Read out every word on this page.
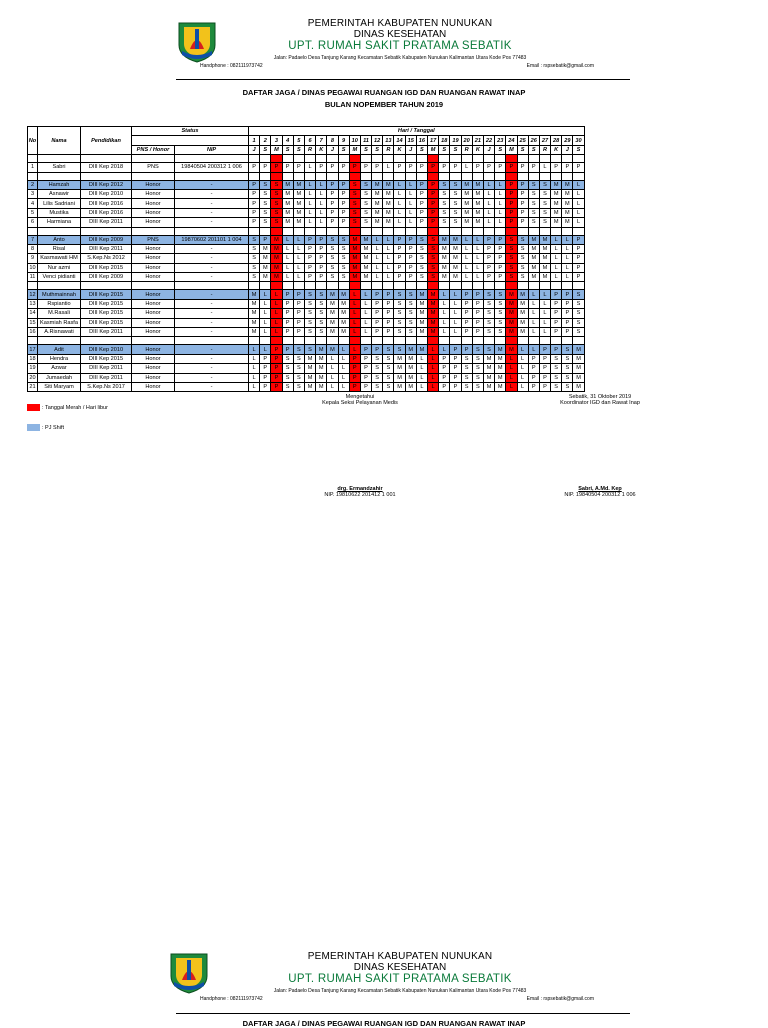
PEMERINTAH KABUPATEN NUNUKAN
DINAS KESEHATAN
UPT. RUMAH SAKIT PRATAMA SEBATIK
Jalan: Padaelo Desa Tanjung Karang Kecamatan Sebatik Kabupaten Nunukan Kalimantan Utara Kode Pos 77483
Handphone : 082111973742	Email : rspsebatik@gmail.com
DAFTAR JAGA / DINAS PEGAWAI RUANGAN IGD DAN RUANGAN RAWAT INAP
BULAN NOPEMBER TAHUN 2019
No	Nama	Pendidikan	Status		Hari / Tanggal																													
					1	2	3	4	5	6	7	8	9	10	11	12	13	14	15	16	17	18	19	20	21	22	23	24	25	26	27	28	29	30
			PNS / Honor	NIP	J	S	M	S	S	R	K	J	S	M	S	S	R	K	J	S	M	S	S	R	K	J	S	M	S	S	R	K	J	S

1	Sabri	DIII Kep 2018	PNS	19840504 200312 1 006	P	P	P	P	P	L	P	P	P	P	P	P	L	P	P	P	P	P	P	L	P	P	P	P	P	P	L	P	P	P

2	Hamzah	DIII Kep 2012	Honor	-	P	S	S	M	M	L	L	P	P	S	S	M	M	L	L	P	P	S	S	M	M	L	L	P	P	S	S	M	M	L
3	Asnawir	DIII Kep 2010	Honor	-	P	S	S	M	M	L	L	P	P	S	S	M	M	L	L	P	P	S	S	M	M	L	L	P	P	S	S	M	M	L
4	Lilis Sadriani	DIII Kep 2016	Honor	-	P	S	S	M	M	L	L	P	P	S	S	M	M	L	L	P	P	S	S	M	M	L	L	P	P	S	S	M	M	L
5	Mustika	DIII Kep 2016	Honor	-	P	S	S	M	M	L	L	P	P	S	S	M	M	L	L	P	P	S	S	M	M	L	L	P	P	S	S	M	M	L
6	Harmiana	DIII Kep 2011	Honor	-	P	S	S	M	M	L	L	P	P	S	S	M	M	L	L	P	P	S	S	M	M	L	L	P	P	S	S	M	M	L

7	Anto	DIII Kep 2009	PNS	19870602 201101 1 004	S	P	M	L	L	P	P	S	S	M	M	L	L	P	P	S	S	M	M	L	L	P	P	S	S	M	M	L	L	P
8	Risal	DIII Kep 2011	Honor	-	S	M	M	L	L	P	P	S	S	M	M	L	L	P	P	S	S	M	M	L	L	P	P	S	S	M	M	L	L	P
9	Kasmawati HM	S.Kep.Ns 2012	Honor	-	S	M	M	L	L	P	P	S	S	M	M	L	L	P	P	S	S	M	M	L	L	P	P	S	S	M	M	L	L	P
10	Nur azmi	DIII Kep 2015	Honor	-	S	M	M	L	L	P	P	S	S	M	M	L	L	P	P	S	S	M	M	L	L	P	P	S	S	M	M	L	L	P
11	Venci pidianti	DIII Kep 2009	Honor	-	S	M	M	L	L	P	P	S	S	M	M	L	L	P	P	S	S	M	M	L	L	P	P	S	S	M	M	L	L	P

12	Muthmainnah	DIII Kep 2015	Honor	-	M	L	L	P	P	S	S	M	M	L	L	P	P	S	S	M	M	L	L	P	P	S	S	M	M	L	L	P	P	S
13	Rspiantio	DIII Kep 2015	Honor	-	M	L	L	P	P	S	S	M	M	L	L	P	P	S	S	M	M	L	L	P	P	S	S	M	M	L	L	P	P	S
14	M.Rasali	DIII Kep 2015	Honor	-	M	L	L	P	P	S	S	M	M	L	L	P	P	S	S	M	M	L	L	P	P	S	S	M	M	L	L	P	P	S
15	Kasmiah Rasfa	DIII Kep 2015	Honor	-	M	L	L	P	P	S	S	M	M	L	L	P	P	S	S	M	M	L	L	P	P	S	S	M	M	L	L	P	P	S
16	A.Risnawati	DIII Kep 2011	Honor	-	M	L	L	P	P	S	S	M	M	L	L	P	P	S	S	M	M	L	L	P	P	S	S	M	M	L	L	P	P	S

17	Adit	DIII Kep 2010	Honor	-	L	L	P	P	S	S	M	M	L	L	P	P	S	S	M	M	L	L	P	P	S	S	M	M	L	L	P	P	S	M
18	Hendra	DIII Kep 2015	Honor	-	L	P	P	S	S	M	M	L	L	P	P	S	S	M	M	L	L	P	P	S	S	M	M	L	L	P	P	S	S	M
19	Azwar	DIII Kep 2011	Honor	-	L	P	P	S	S	M	M	L	L	P	P	S	S	M	M	L	L	P	P	S	S	M	M	L	L	P	P	S	S	M
20	Jumaedah	DIII Kep 2011	Honor	-	L	P	P	S	S	M	M	L	L	P	P	S	S	M	M	L	L	P	P	S	S	M	M	L	L	P	P	S	S	M
21	Siti Maryam	S.Kep.Ns 2017	Honor	-	L	P	P	S	S	M	M	L	L	P	P	S	S	M	M	L	L	P	P	S	S	M	M	L	L	P	P	S	S	M
: Tanggal Merah / Hari libur
: PJ Shift
Mengetahui
Kepala Seksi Pelayanan Medis
drg. Ermandzahir
NIP. 19810622 201412 1 001
Sebatik, 31 Oktober 2019
Koordinator IGD dan Rawat Inap
Sabri, A.Md. Kep
NIP. 19840504 200312 1 006
PEMERINTAH KABUPATEN NUNUKAN
DINAS KESEHATAN
UPT. RUMAH SAKIT PRATAMA SEBATIK
Jalan: Padaelo Desa Tanjung Karang Kecamatan Sebatik Kabupaten Nunukan Kalimantan Utara Kode Pos 77483
Handphone : 082111973742	Email : rspsebatik@gmail.com
DAFTAR JAGA / DINAS PEGAWAI RUANGAN IGD DAN RUANGAN RAWAT INAP
